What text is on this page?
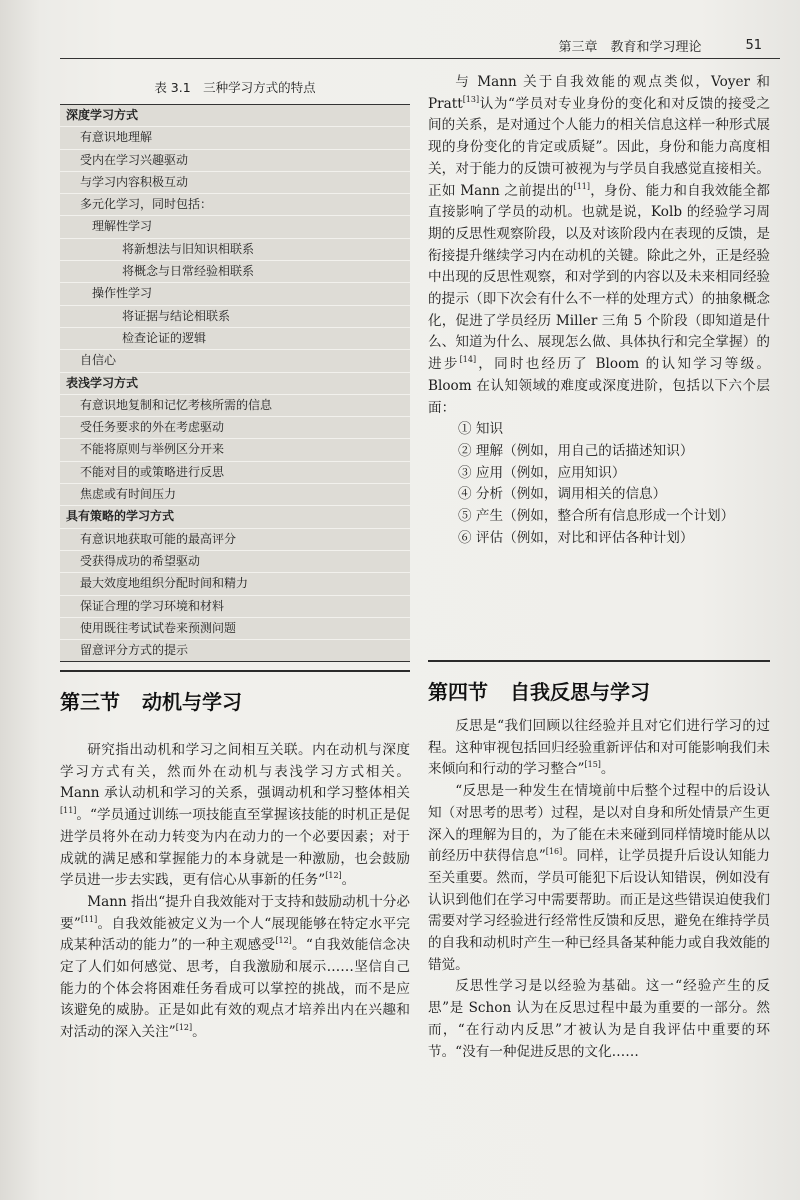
第三章　教育和学习理论	51
表 3.1　三种学习方式的特点
深度学习方式
有意识地理解
受内在学习兴趣驱动
与学习内容积极互动
多元化学习，同时包括：
理解性学习
将新想法与旧知识相联系
将概念与日常经验相联系
操作性学习
将证据与结论相联系
检查论证的逻辑
自信心
表浅学习方式
有意识地复制和记忆考核所需的信息
受任务要求的外在考虑驱动
不能将原则与举例区分开来
不能对目的或策略进行反思
焦虑或有时间压力
具有策略的学习方式
有意识地获取可能的最高评分
受获得成功的希望驱动
最大效度地组织分配时间和精力
保证合理的学习环境和材料
使用既往考试试卷来预测问题
留意评分方式的提示
第三节 动机与学习

研究指出动机和学习之间相互关联。内在动机与深度学习方式有关，然而外在动机与表浅学习方式相关。Mann 承认动机和学习的关系，强调动机和学习整体相关[11]。“学员通过训练一项技能直至掌握该技能的时机正是促进学员将外在动力转变为内在动力的一个必要因素；对于成就的满足感和掌握能力的本身就是一种激励，也会鼓励学员进一步去实践，更有信心从事新的任务”[12]。

Mann 指出“提升自我效能对于支持和鼓励动机十分必要”[11]。自我效能被定义为一个人“展现能够在特定水平完成某种活动的能力”的一种主观感受[12]。“自我效能信念决定了人们如何感觉、思考，自我激励和展示……坚信自己能力的个体会将困难任务看成可以掌控的挑战，而不是应该避免的威胁。正是如此有效的观点才培养出内在兴趣和对活动的深入关注”[12]。

与 Mann 关于自我效能的观点类似，Voyer 和 Pratt[13]认为“学员对专业身份的变化和对反馈的接受之间的关系，是对通过个人能力的相关信息这样一种形式展现的身份变化的肯定或质疑”。因此，身份和能力高度相关，对于能力的反馈可被视为与学员自我感觉直接相关。正如 Mann 之前提出的[11]，身份、能力和自我效能全都直接影响了学员的动机。也就是说，Kolb 的经验学习周期的反思性观察阶段，以及对该阶段内在表现的反馈，是衔接提升继续学习内在动机的关键。除此之外，正是经验中出现的反思性观察，和对学到的内容以及未来相同经验的提示（即下次会有什么不一样的处理方式）的抽象概念化，促进了学员经历 Miller 三角 5 个阶段（即知道是什么、知道为什么、展现怎么做、具体执行和完全掌握）的进步[14]，同时也经历了 Bloom 的认知学习等级。Bloom 在认知领域的难度或深度进阶，包括以下六个层面：

① 知识
② 理解（例如，用自己的话描述知识）
③ 应用（例如，应用知识）
④ 分析（例如，调用相关的信息）
⑤ 产生（例如，整合所有信息形成一个计划）
⑥ 评估（例如，对比和评估各种计划）
第四节 自我反思与学习

反思是“我们回顾以往经验并且对它们进行学习的过程。这种审视包括回归经验重新评估和对可能影响我们未来倾向和行动的学习整合”[15]。

“反思是一种发生在情境前中后整个过程中的后设认知（对思考的思考）过程，是以对自身和所处情景产生更深入的理解为目的，为了能在未来碰到同样情境时能从以前经历中获得信息”[16]。同样，让学员提升后设认知能力至关重要。然而，学员可能犯下后设认知错误，例如没有认识到他们在学习中需要帮助。而正是这些错误迫使我们需要对学习经验进行经常性反馈和反思，避免在维持学员的自我和动机时产生一种已经具备某种能力或自我效能的错觉。

反思性学习是以经验为基础。这一“经验产生的反思”是 Schon 认为在反思过程中最为重要的一部分。然而，“在行动内反思”才被认为是自我评估中重要的环节。“没有一种促进反思的文化……
